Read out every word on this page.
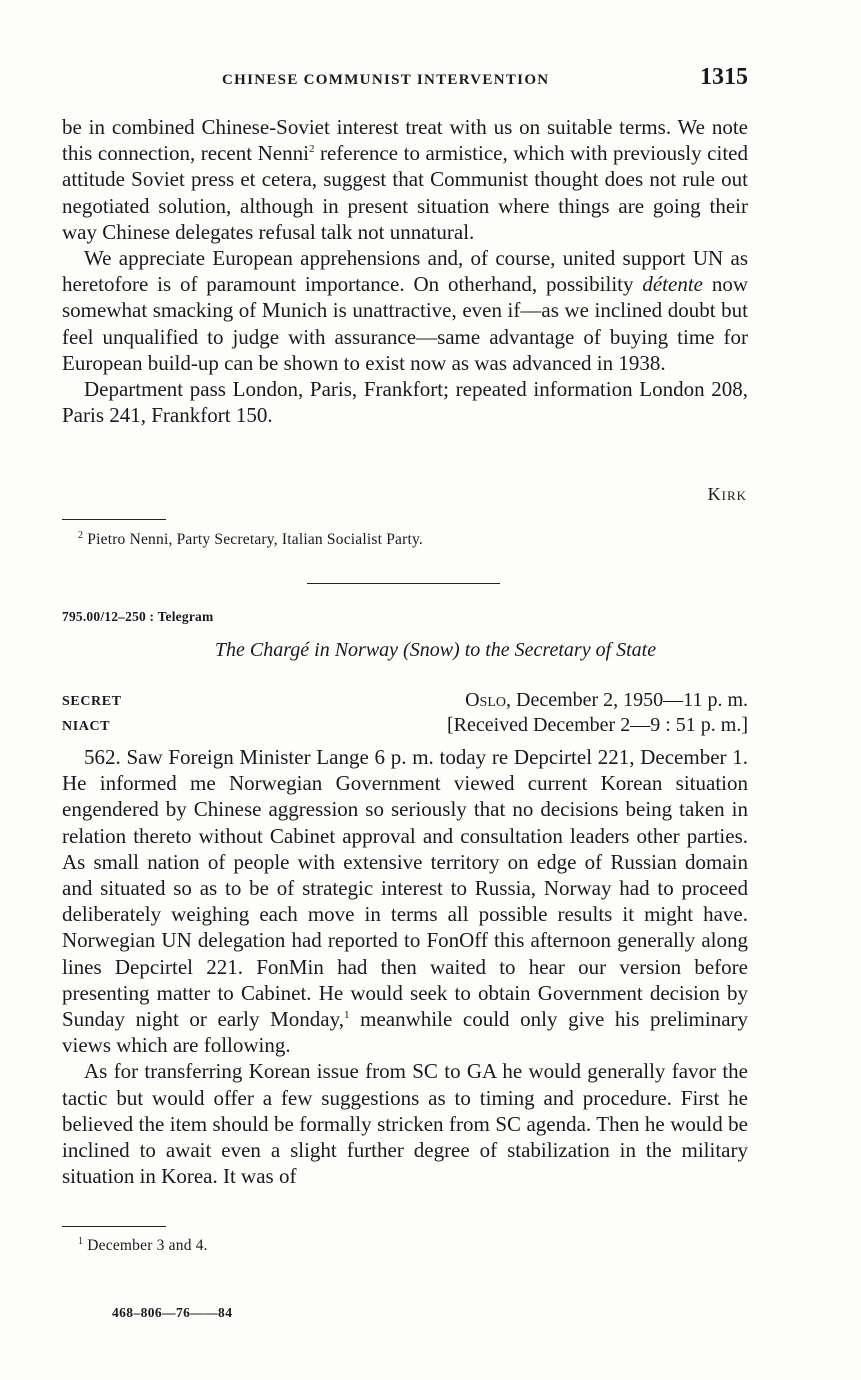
CHINESE COMMUNIST INTERVENTION	1315

be in combined Chinese-Soviet interest treat with us on suitable terms. We note this connection, recent Nenni$^2$ reference to armistice, which with previously cited attitude Soviet press et cetera, suggest that Communist thought does not rule out negotiated solution, although in present situation where things are going their way Chinese delegates refusal talk not unnatural.

We appreciate European apprehensions and, of course, united support UN as heretofore is of paramount importance. On otherhand, possibility détente now somewhat smacking of Munich is unattractive, even if—as we inclined doubt but feel unqualified to judge with assurance—same advantage of buying time for European build-up can be shown to exist now as was advanced in 1938.

Department pass London, Paris, Frankfort; repeated information London 208, Paris 241, Frankfort 150.

Kirk
$^2$ Pietro Nenni, Party Secretary, Italian Socialist Party.
795.00/12–250 : Telegram
The Chargé in Norway (Snow) to the Secretary of State
SECRET	Oslo, December 2, 1950—11 p. m.
NIACT	[Received December 2—9 : 51 p. m.]

562. Saw Foreign Minister Lange 6 p. m. today re Depcirtel 221, December 1. He informed me Norwegian Government viewed current Korean situation engendered by Chinese aggression so seriously that no decisions being taken in relation thereto without Cabinet approval and consultation leaders other parties. As small nation of people with extensive territory on edge of Russian domain and situated so as to be of strategic interest to Russia, Norway had to proceed deliberately weighing each move in terms all possible results it might have. Norwegian UN delegation had reported to FonOff this afternoon generally along lines Depcirtel 221. FonMin had then waited to hear our version before presenting matter to Cabinet. He would seek to obtain Government decision by Sunday night or early Monday,$^1$ meanwhile could only give his preliminary views which are following.

As for transferring Korean issue from SC to GA he would generally favor the tactic but would offer a few suggestions as to timing and procedure. First he believed the item should be formally stricken from SC agenda. Then he would be inclined to await even a slight further degree of stabilization in the military situation in Korea. It was of

$^1$ December 3 and 4.
468–806—76——84
